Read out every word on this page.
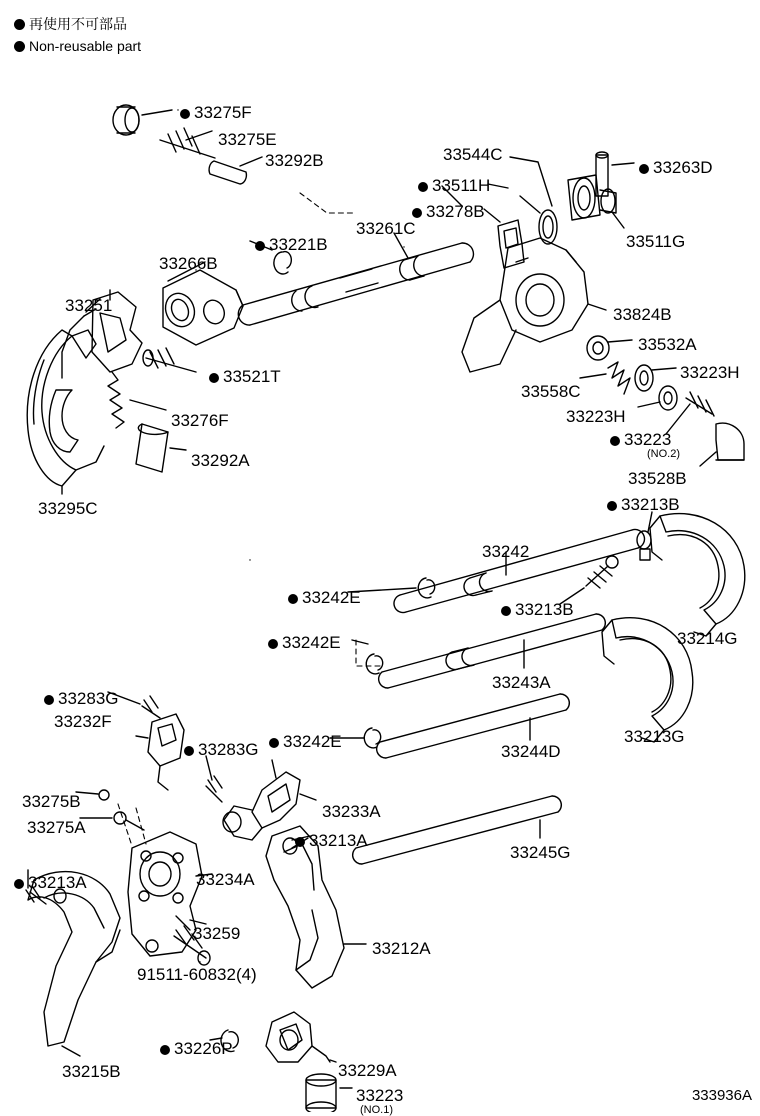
再使用不可部品
Non-reusable part
33275F
33275E
33292B	33544C
33263D
33511H
33278B
33511G
33261C
33221B
33266B
33251	33824B
33532A
33521T
33558C
33223H
33276F	33223H
33223
(NO.2)
33292A
33528B
33295C	33213B
33242
33242E
33213B
33214G
33242E
33243A
33213G
33283G
33232F
33242E
33244D
33283G
33275B
33233A
33275A
33245G
33213A
33213A	33234A
33259
33212A
91511-60832(4)
33226P
33229A
33215B
33223
(NO.1)
333936A
